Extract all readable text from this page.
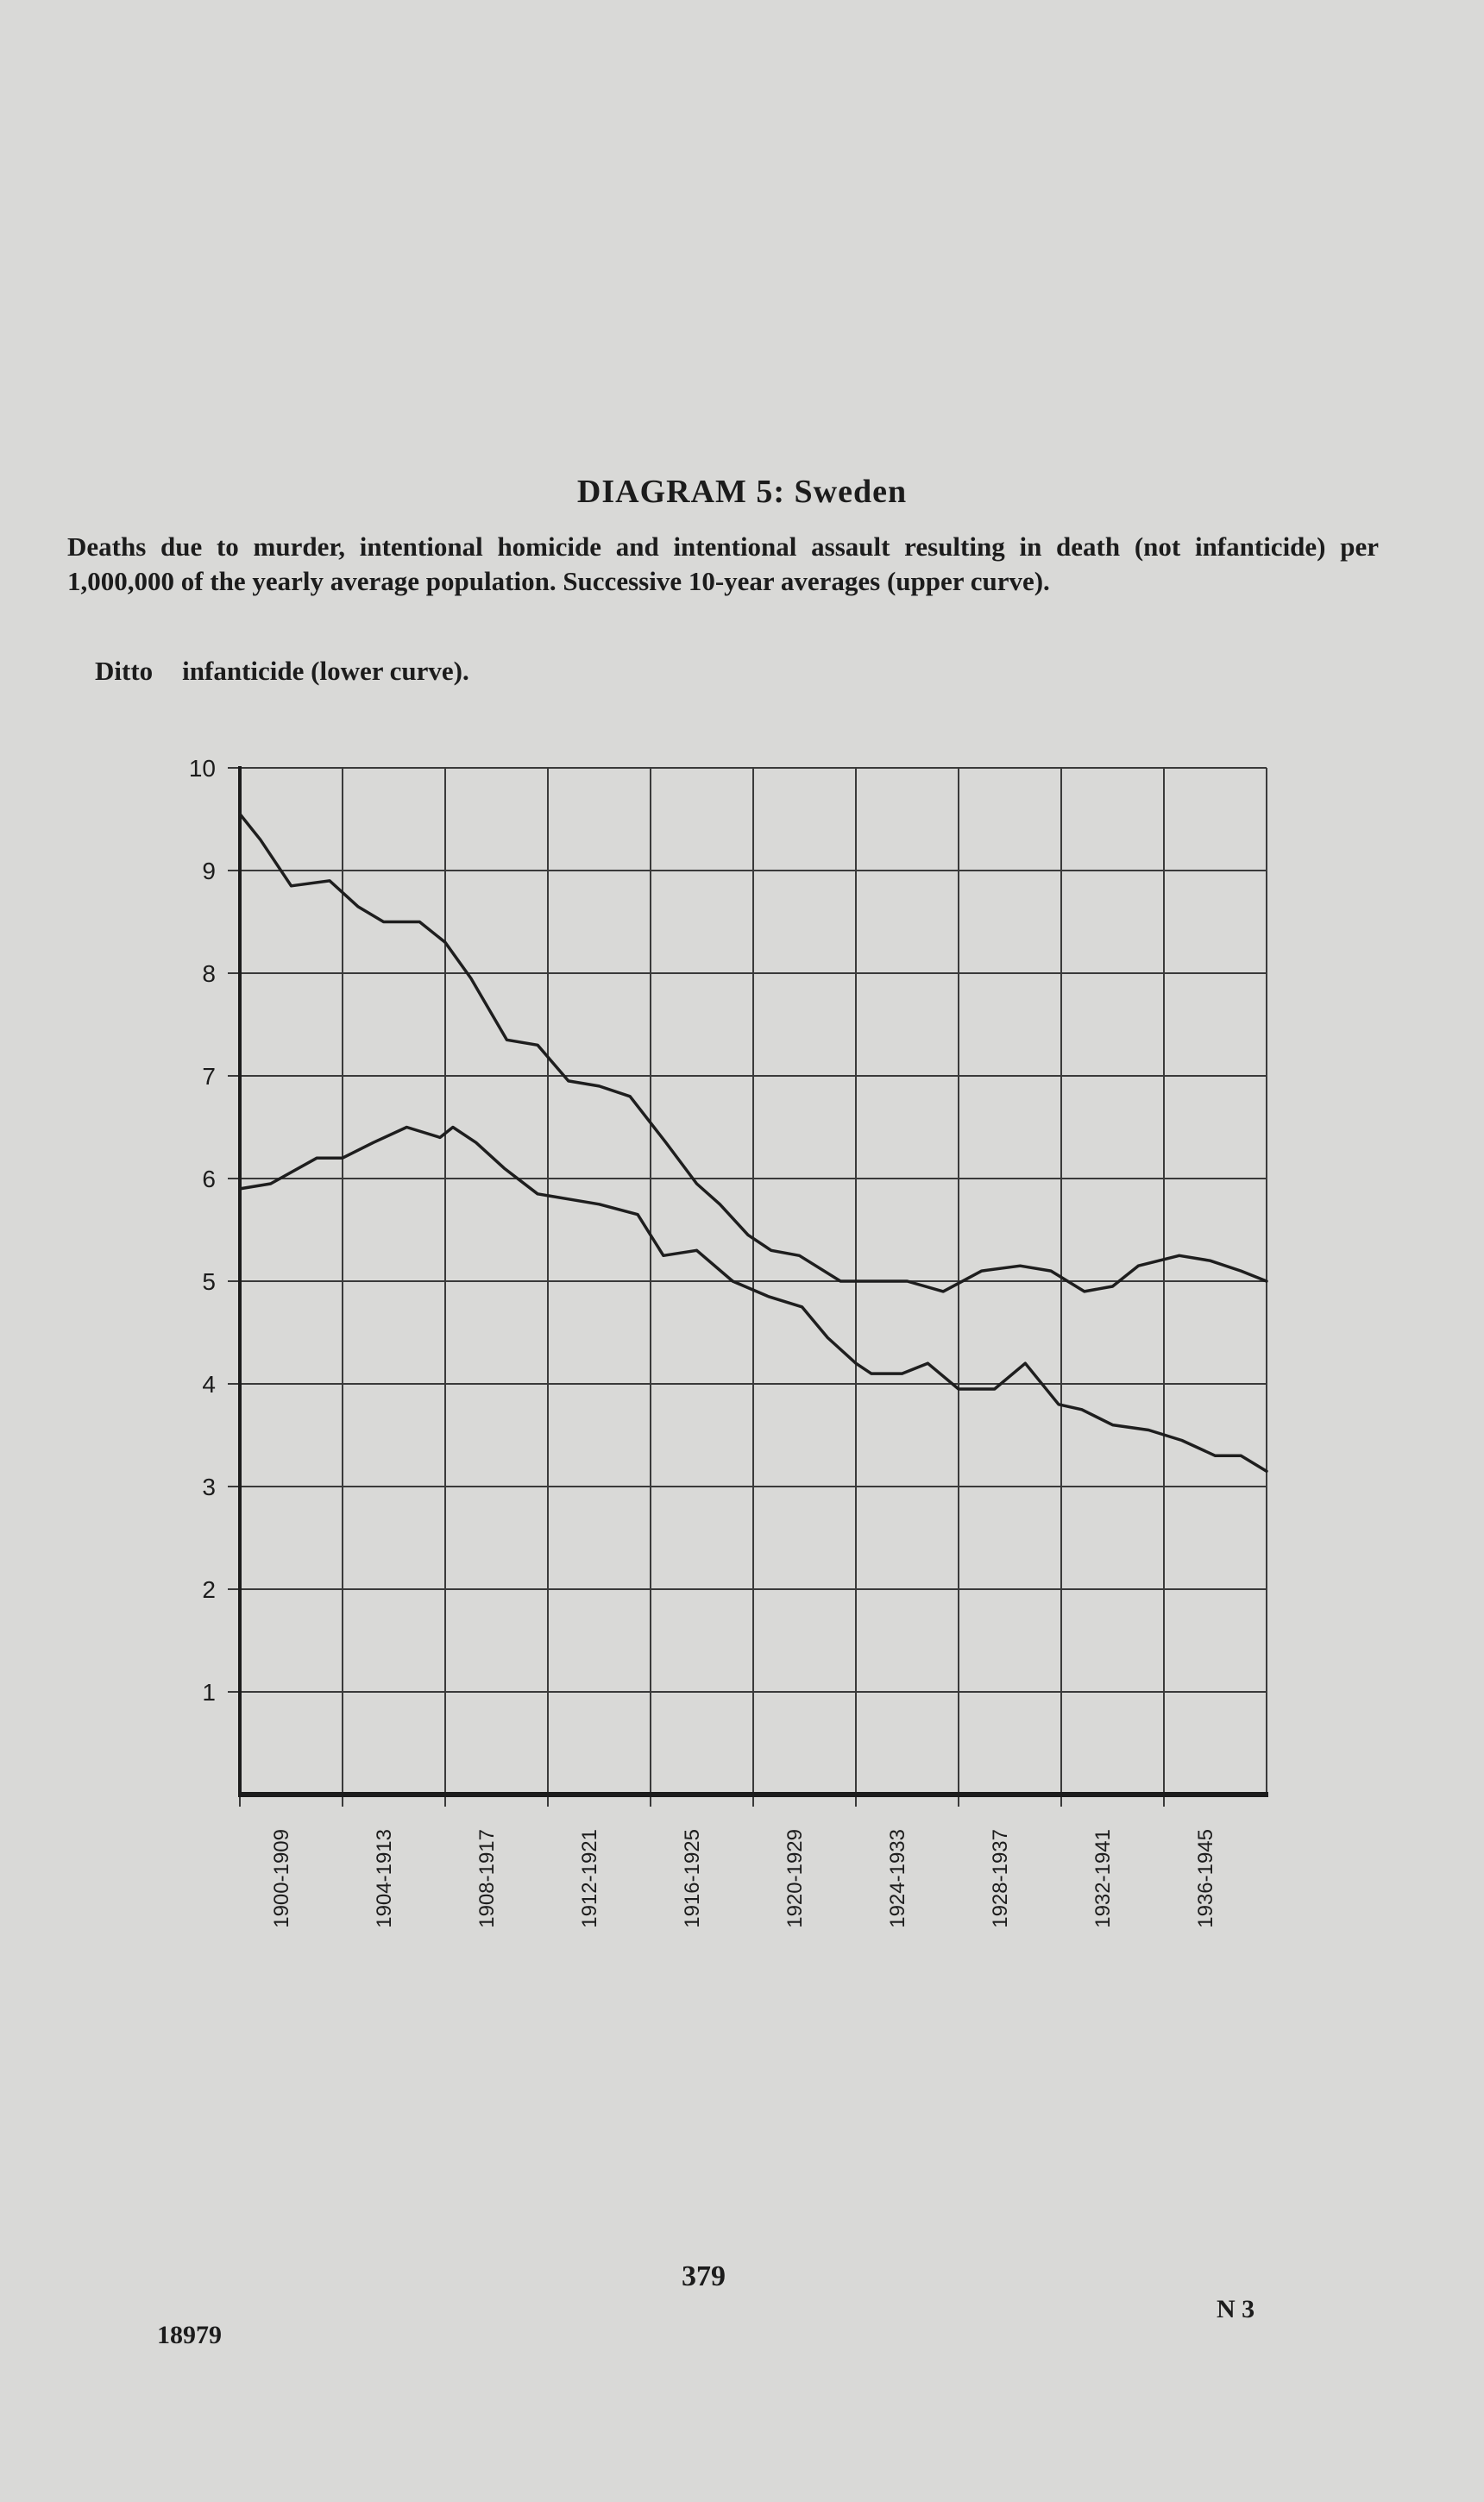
DIAGRAM 5: Sweden
Deaths due to murder, intentional homicide and intentional assault resulting in death (not infanticide) per 1,000,000 of the yearly average population. Successive 10-year averages (upper curve).
Ditto infanticide (lower curve).
1
2
3
4
5
6
7
8
9
10
1900-1909	1904-1913	1908-1917	1912-1921	1916-1925	1920-1929	1924-1933	1928-1937	1932-1941	1936-1945
379
18979
N 3
